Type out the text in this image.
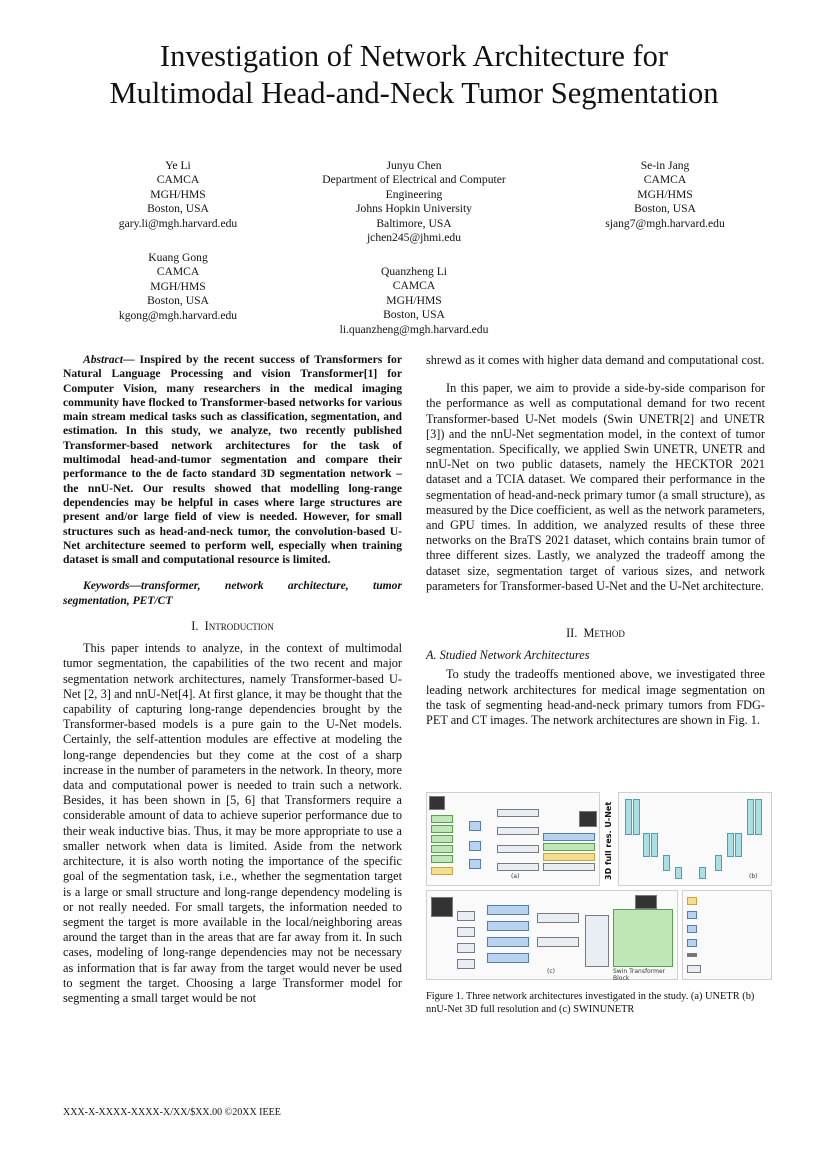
Investigation of Network Architecture for
Multimodal Head-and-Neck Tumor Segmentation
Ye Li
CAMCA
MGH/HMS
Boston, USA
gary.li@mgh.harvard.edu
Junyu Chen
Department of Electrical and Computer
Engineering
Johns Hopkin University
Baltimore, USA
jchen245@jhmi.edu
Se-in Jang
CAMCA
MGH/HMS
Boston, USA
sjang7@mgh.harvard.edu
Kuang Gong
CAMCA
MGH/HMS
Boston, USA
kgong@mgh.harvard.edu
Quanzheng Li
CAMCA
MGH/HMS
Boston, USA
li.quanzheng@mgh.harvard.edu

Abstract— Inspired by the recent success of Transformers for Natural Language Processing and vision Transformer[1] for Computer Vision, many researchers in the medical imaging community have flocked to Transformer-based networks for various main stream medical tasks such as classification, segmentation, and estimation. In this study, we analyze, two recently published Transformer-based network architectures for the task of multimodal head-and-tumor segmentation and compare their performance to the de facto standard 3D segmentation network – the nnU-Net. Our results showed that modelling long-range dependencies may be helpful in cases where large structures are present and/or large field of view is needed. However, for small structures such as head-and-neck tumor, the convolution-based U-Net architecture seemed to perform well, especially when training dataset is small and computational resource is limited.

Keywords—transformer, network architecture, tumor segmentation, PET/CT

I. Introduction

This paper intends to analyze, in the context of multimodal tumor segmentation, the capabilities of the two recent and major segmentation network architectures, namely Transformer-based U-Net [2, 3] and nnU-Net[4]. At first glance, it may be thought that the capability of capturing long-range dependencies brought by the Transformer-based models is a pure gain to the U-Net models. Certainly, the self-attention modules are effective at modeling the long-range dependencies but they come at the cost of a sharp increase in the number of parameters in the network. In theory, more data and computational power is needed to train such a network. Besides, it has been shown in [5, 6] that Transformers require a considerable amount of data to achieve superior performance due to their weak inductive bias. Thus, it may be more appropriate to use a smaller network when data is limited. Aside from the network architecture, it is also worth noting the importance of the specific goal of the segmentation task, i.e., whether the segmentation target is a large or small structure and long-range dependency modeling is or not really needed. For small targets, the information needed to segment the target is more available in the local/neighboring areas around the target than in the areas that are far away from it. In such cases, modeling of long-range dependencies may not be necessary as information that is far away from the target would never be used to segment the target. Choosing a large Transformer model for segmenting a small target would be not

shrewd as it comes with higher data demand and computational cost.

In this paper, we aim to provide a side-by-side comparison for the performance as well as computational demand for two recent Transformer-based U-Net models (Swin UNETR[2] and UNETR [3]) and the nnU-Net segmentation model, in the context of tumor segmentation. Specifically, we applied Swin UNETR, UNETR and nnU-Net on two public datasets, namely the HECKTOR 2021 dataset and a TCIA dataset. We compared their performance in the segmentation of head-and-neck primary tumor (a small structure), as measured by the Dice coefficient, as well as the network parameters, and GPU times. In addition, we analyzed results of these three networks on the BraTS 2021 dataset, which contains brain tumor of three different sizes. Lastly, we analyzed the tradeoff among the dataset size, segmentation target of various sizes, and network parameters for Transformer-based U-Net and the U-Net architecture.

II. Method

A. Studied Network Architectures

To study the tradeoffs mentioned above, we investigated three leading network architectures for medical image segmentation on the task of segmenting head-and-neck primary tumors from FDG-PET and CT images. The network architectures are shown in Fig. 1.

(a)	3D full res. U-Net	(b)
Swin Transformer Block
(c)
Figure 1. Three network architectures investigated in the study. (a) UNETR (b) nnU-Net 3D full resolution and (c) SWINUNETR
XXX-X-XXXX-XXXX-X/XX/$XX.00 ©20XX IEEE
